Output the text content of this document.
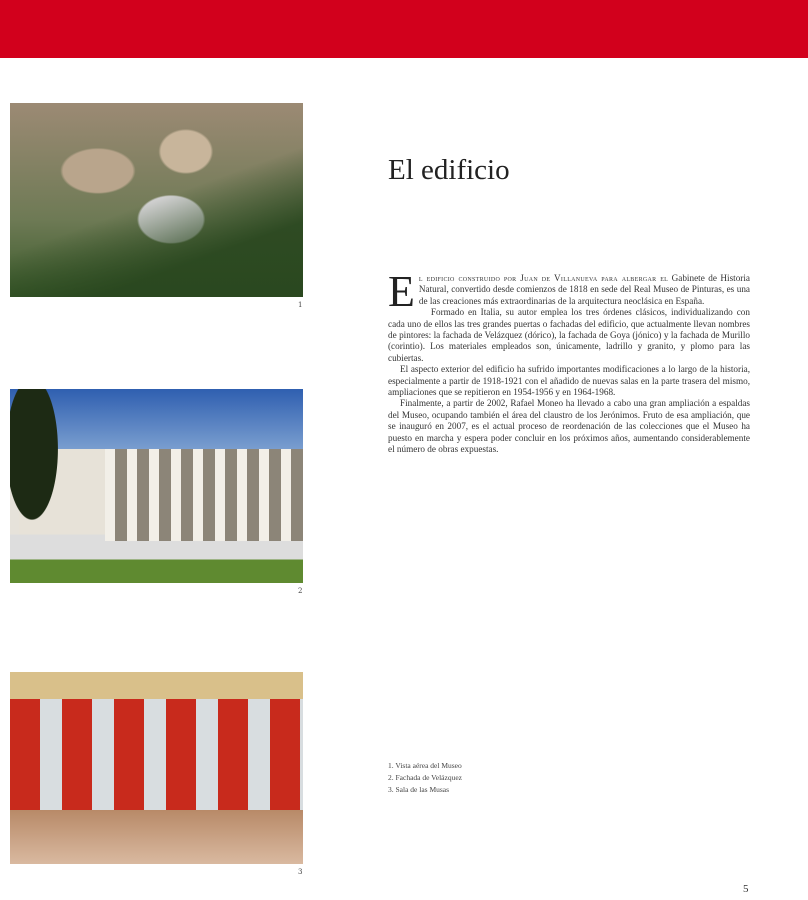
1
2
3
El edificio

El edificio construido por Juan de Villanueva para albergar el Gabinete de Historia Natural, convertido desde comienzos de 1818 en sede del Real Museo de Pinturas, es una de las creaciones más extraordinarias de la arquitectura neoclásica en España.

Formado en Italia, su autor emplea los tres órdenes clásicos, individualizando con cada uno de ellos las tres grandes puertas o fachadas del edificio, que actualmente llevan nombres de pintores: la fachada de Velázquez (dórico), la fachada de Goya (jónico) y la fachada de Murillo (corintio). Los materiales empleados son, únicamente, ladrillo y granito, y plomo para las cubiertas.

El aspecto exterior del edificio ha sufrido importantes modificaciones a lo largo de la historia, especialmente a partir de 1918-1921 con el añadido de nuevas salas en la parte trasera del mismo, ampliaciones que se repitieron en 1954-1956 y en 1964-1968.

Finalmente, a partir de 2002, Rafael Moneo ha llevado a cabo una gran ampliación a espaldas del Museo, ocupando también el área del claustro de los Jerónimos. Fruto de esa ampliación, que se inauguró en 2007, es el actual proceso de reordenación de las colecciones que el Museo ha puesto en marcha y espera poder concluir en los próximos años, aumentando considerablemente el número de obras expuestas.

1. Vista aérea del Museo
2. Fachada de Velázquez
3. Sala de las Musas
5
